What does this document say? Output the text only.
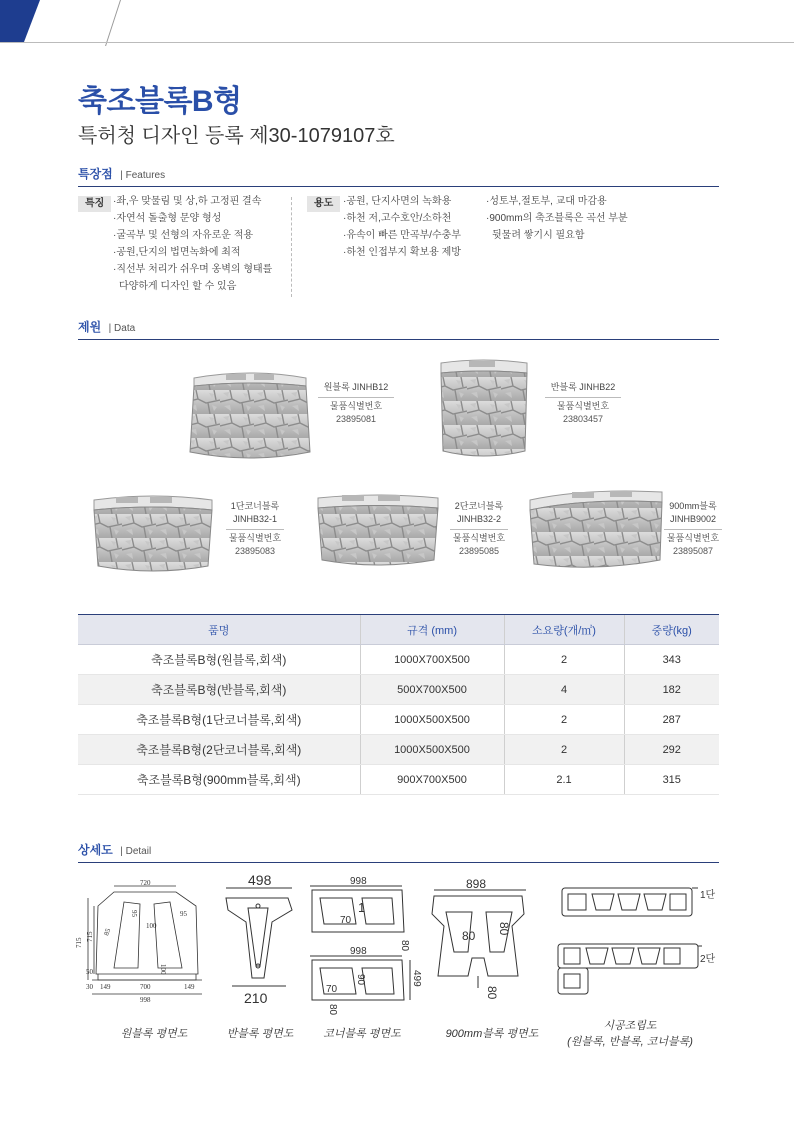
축조블록B형
특허청 디자인 등록 제30-1079107호
특장점 | Features
특징 ·좌,우 맞물림 및 상,하 고정핀 결속
·자연석 돌출형 문양 형성
·굴곡부 및 선형의 자유로운 적용
·공원,단지의 법면녹화에 최적
·직선부 처리가 쉬우며 옹벽의 형태를
다양하게 디자인 할 수 있음
용도 ·공원, 단지사면의 녹화용
·하천 저,고수호안/소하천
·유속이 빠른 만곡부/수충부
·하천 인접부지 확보용 제방
·성토부,절토부, 교대 마감용
·900mm의 축조블록은 곡선 부분
뒷물려 쌓기시 필요함
제원 | Data
원블록 JINHB12
물품식별번호
23895081
반블록 JINHB22
물품식별번호
23803457
1단코너블록
JINHB32-1
물품식별번호
23895083
2단코너블록
JINHB32-2
물품식별번호
23895085
900mm블록
JINHB9002
물품식별번호
23895087
품명	규격 (mm)	소요량(개/㎡)	중량(kg)
축조블록B형(원블록,회색)	1000X700X500	2	343
축조블록B형(반블록,회색)	500X700X500	4	182
축조블록B형(1단코너블록,회색)	1000X500X500	2	287
축조블록B형(2단코너블록,회색)	1000X500X500	2	292
축조블록B형(900mm블록,회색)	900X700X500	2.1	315
상세도 | Detail
720
95	95
100
100
715
715
30
50
149	700	149
998
85
498
210
998
70
1
80
998
70
90	499
80
898
80
80
80
1단
2단
원블록 평면도	반블록 평면도	코너블록 평면도	900mm블록 평면도
시공조립도
(원블록, 반블록, 코너블록)
